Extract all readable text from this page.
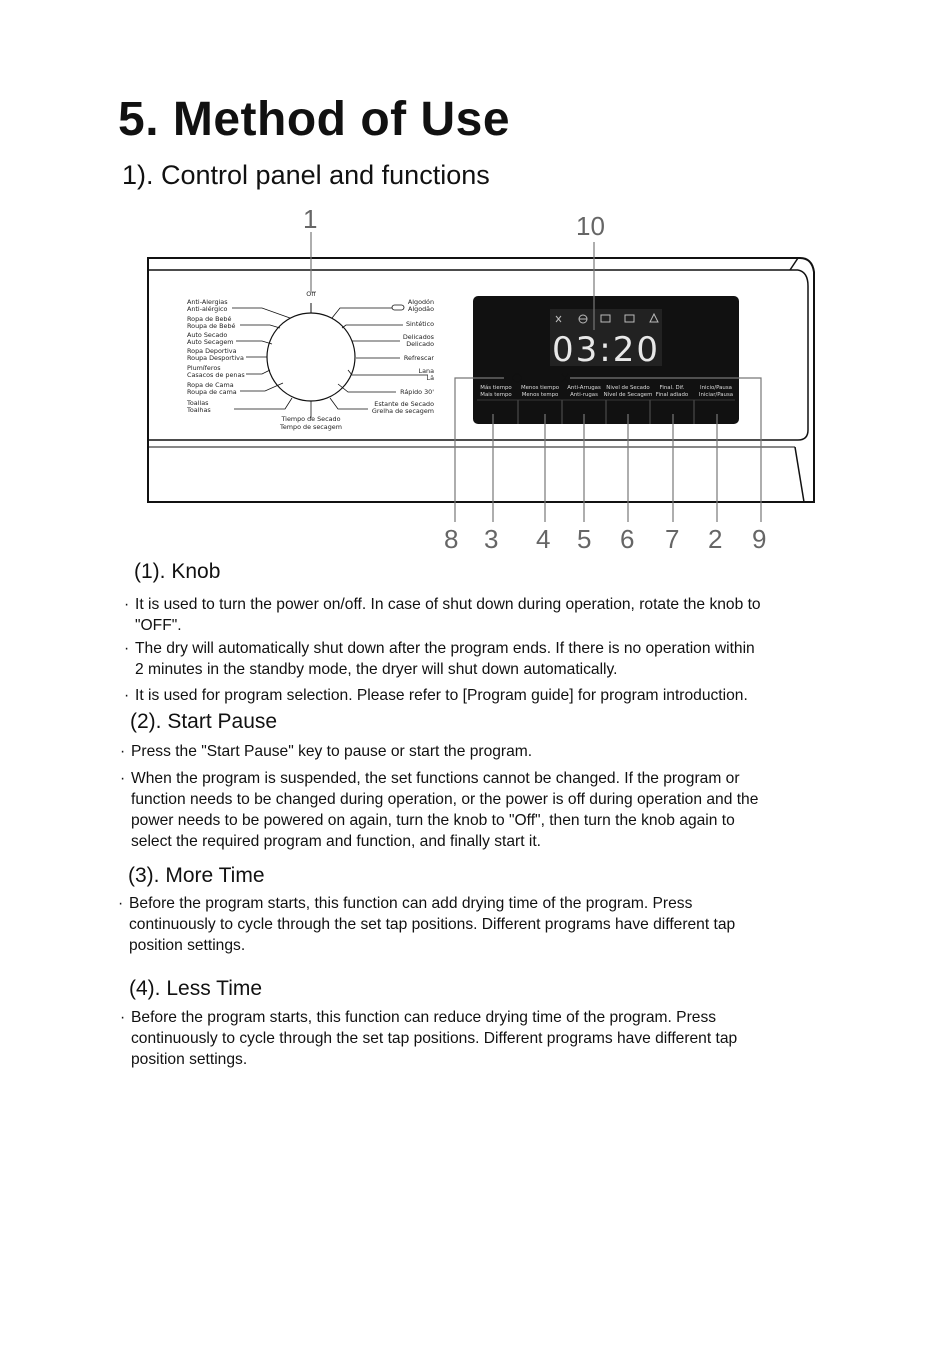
5. Method of Use
1). Control panel and functions
1	10
8 3 4 5 6 7 2 9
Anti-Alergias
Anti-alérgico
Ropa de Bebé
Roupa de Bebé
Auto Secado
Auto Secagem
Ropa Deportiva
Roupa Desportiva
Plumíferos
Casacos de penas
Ropa de Cama
Roupa de cama
Toallas
Toalhas
Algodón
Algodão
Sintético
Delicados
Delicado
Refrescar
Lana
Lã
Rápido 30'
Estante de Secado
Grelha de secagem
Off
Tiempo de Secado
Tempo de secagem
03:20
Más tiempo
Mais tempo
Menos tiempo
Menos tempo
Anti-Arrugas
Anti-rugas
Nivel de Secado
Nível de Secagem
Final. Dif.
Final adiado
Inicio/Pausa
Iniciar/Pausa
(1). Knob
· It is used to turn the power on/off. In case of shut down during operation, rotate the knob to
"OFF".
· The dry will automatically shut down after the program ends. If there is no operation within
2 minutes in the standby mode, the dryer will shut down automatically.
· It is used for program selection. Please refer to [Program guide] for program introduction.
(2). Start Pause
· Press the "Start Pause" key to pause or start the program.
· When the program is suspended, the set functions cannot be changed. If the program or
function needs to be changed during operation, or the power is off during operation and the
power needs to be powered on again, turn the knob to "Off", then turn the knob again to
select the required program and function, and finally start it.
(3). More Time
· Before the program starts, this function can add drying time of the program. Press
continuously to cycle through the set tap positions. Different programs have different tap
position settings.
(4). Less Time
· Before the program starts, this function can reduce drying time of the program. Press
continuously to cycle through the set tap positions. Different programs have different tap
position settings.
